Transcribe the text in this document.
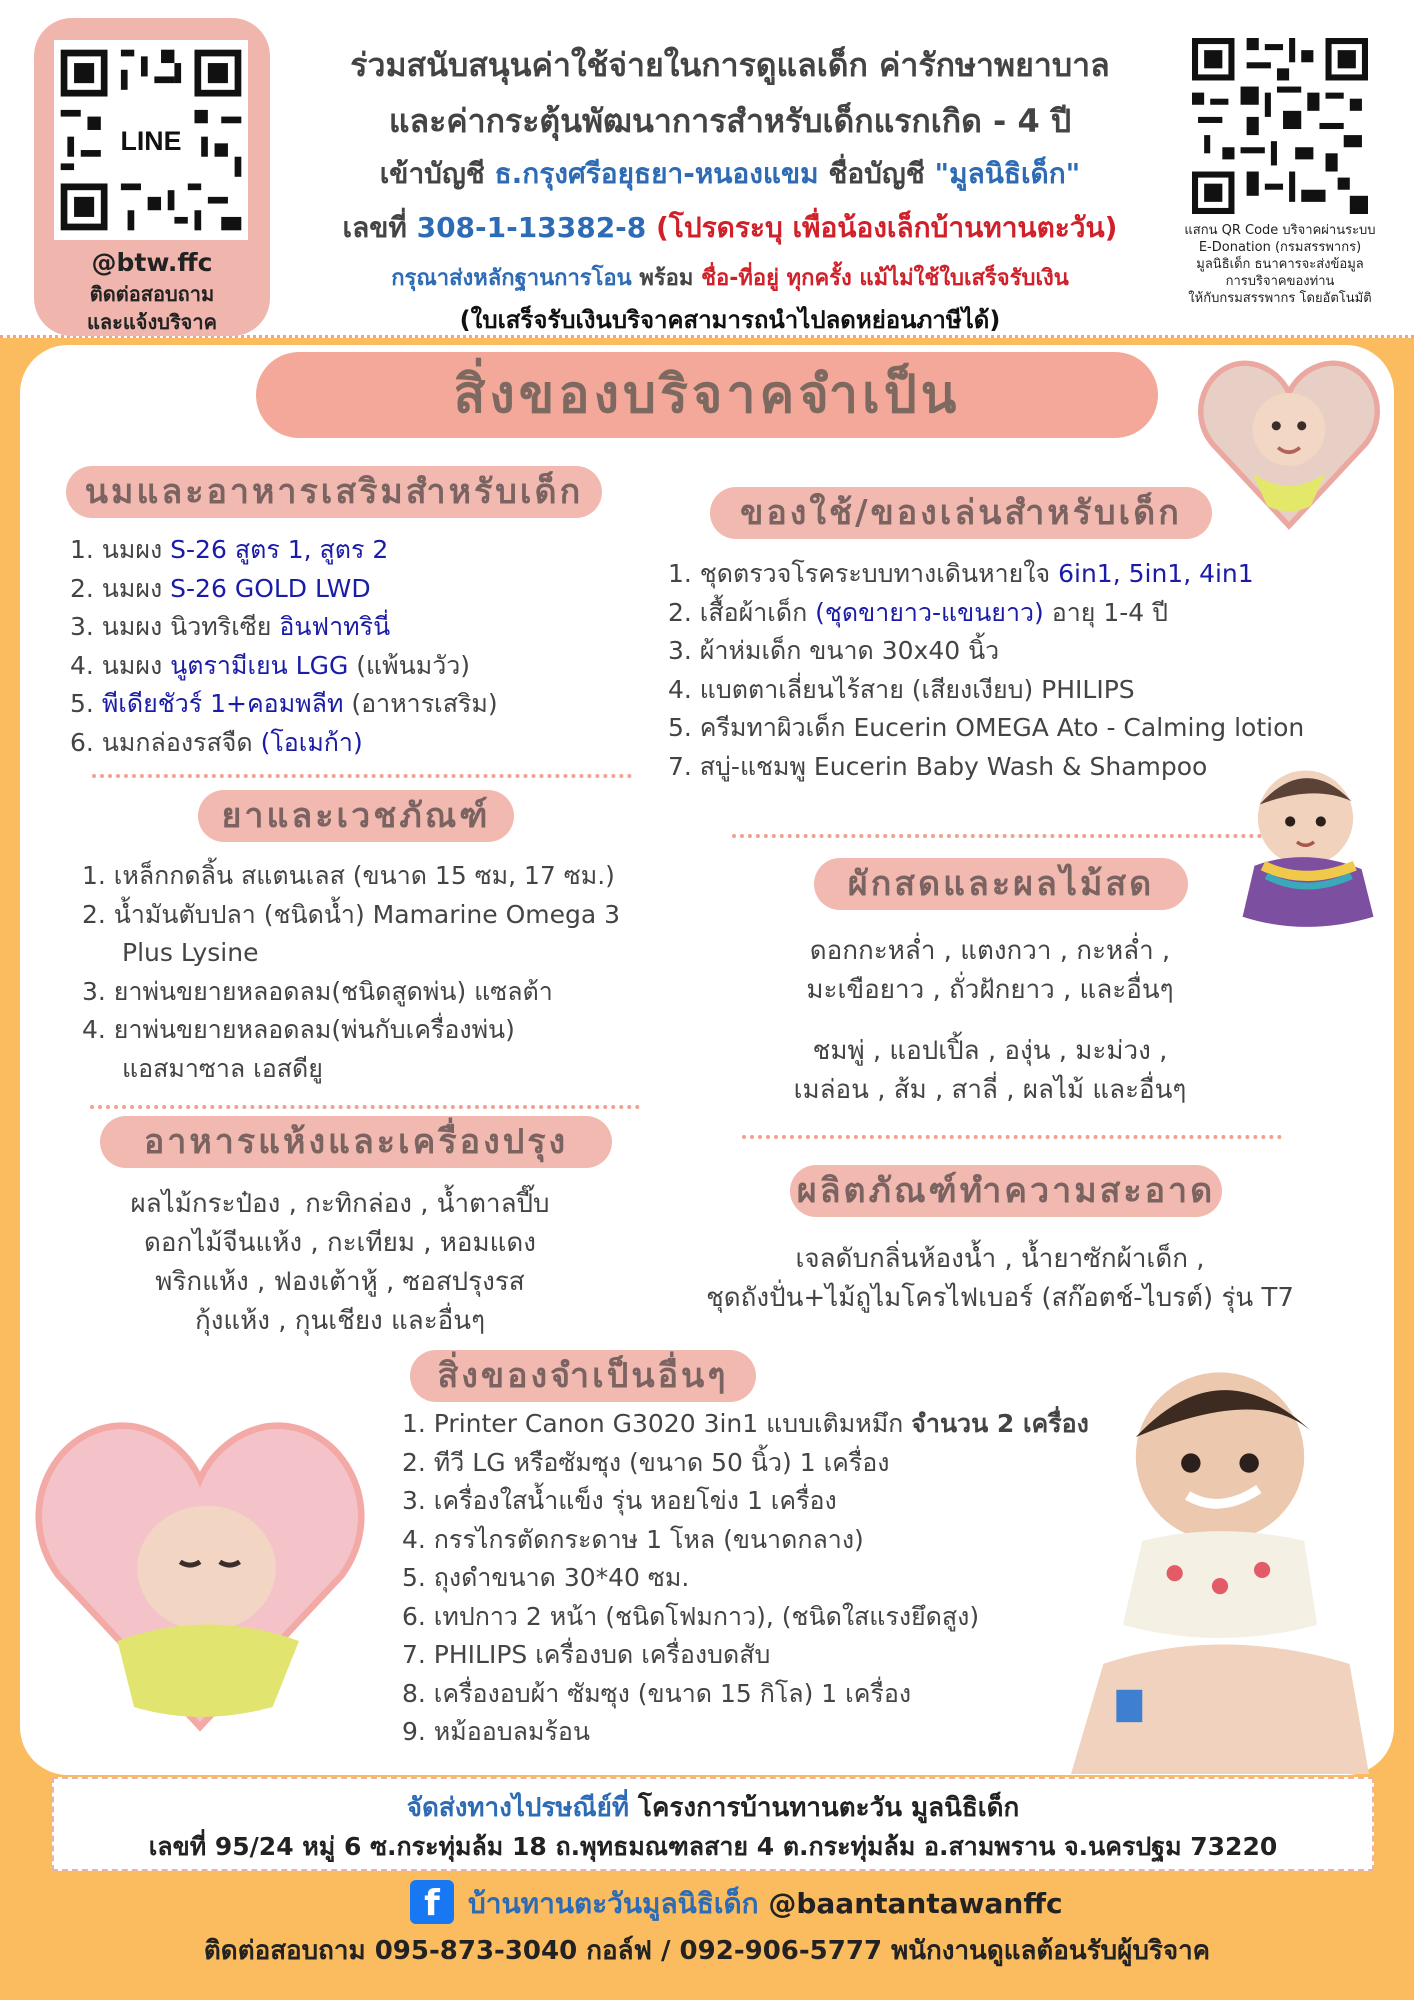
LINE
@btw.ffc
ติดต่อสอบถาม
และแจ้งบริจาค
ร่วมสนับสนุนค่าใช้จ่ายในการดูแลเด็ก ค่ารักษาพยาบาล
และค่ากระตุ้นพัฒนาการสำหรับเด็กแรกเกิด - 4 ปี
เข้าบัญชี ธ.กรุงศรีอยุธยา-หนองแขม ชื่อบัญชี "มูลนิธิเด็ก"
เลขที่ 308-1-13382-8 (โปรดระบุ เพื่อน้องเล็กบ้านทานตะวัน)
กรุณาส่งหลักฐานการโอน พร้อม ชื่อ-ที่อยู่ ทุกครั้ง แม้ไม่ใช้ใบเสร็จรับเงิน
(ใบเสร็จรับเงินบริจาคสามารถนำไปลดหย่อนภาษีได้)
แสกน QR Code บริจาคผ่านระบบ
E-Donation (กรมสรรพากร)
มูลนิธิเด็ก ธนาคารจะส่งข้อมูล
การบริจาคของท่าน
ให้กับกรมสรรพากร โดยอัตโนมัติ
สิ่งของบริจาคจำเป็น
นมและอาหารเสริมสำหรับเด็ก
1. นมผง S-26 สูตร 1, สูตร 2
2. นมผง S-26 GOLD LWD
3. นมผง นิวทริเซีย อินฟาทรินี่
4. นมผง นูตรามีเยน LGG (แพ้นมวัว)
5. พีเดียชัวร์ 1+คอมพลีท (อาหารเสริม)
6. นมกล่องรสจืด (โอเมก้า)
ยาและเวชภัณฑ์
1. เหล็กกดลิ้น สแตนเลส (ขนาด 15 ซม, 17 ซม.)
2. น้ำมันตับปลา (ชนิดน้ำ) Mamarine Omega 3
Plus Lysine
3. ยาพ่นขยายหลอดลม(ชนิดสูดพ่น) แซลต้า
4. ยาพ่นขยายหลอดลม(พ่นกับเครื่องพ่น)
แอสมาซาล เอสดียู
อาหารแห้งและเครื่องปรุง
ผลไม้กระป๋อง , กะทิกล่อง , น้ำตาลปี๊บ
ดอกไม้จีนแห้ง , กะเทียม , หอมแดง
พริกแห้ง , ฟองเต้าหู้ , ซอสปรุงรส
กุ้งแห้ง , กุนเชียง และอื่นๆ
ของใช้/ของเล่นสำหรับเด็ก
1. ชุดตรวจโรคระบบทางเดินหายใจ 6in1, 5in1, 4in1
2. เสื้อผ้าเด็ก (ชุดขายาว-แขนยาว) อายุ 1-4 ปี
3. ผ้าห่มเด็ก ขนาด 30x40 นิ้ว
4. แบตตาเลี่ยนไร้สาย (เสียงเงียบ) PHILIPS
5. ครีมทาผิวเด็ก Eucerin OMEGA Ato - Calming lotion
7. สบู่-แชมพู Eucerin Baby Wash & Shampoo
ผักสดและผลไม้สด
ดอกกะหล่ำ , แตงกวา , กะหล่ำ ,
มะเขือยาว , ถั่วฝักยาว , และอื่นๆ
ชมพู่ , แอปเปิ้ล , องุ่น , มะม่วง ,
เมล่อน , ส้ม , สาลี่ , ผลไม้ และอื่นๆ
ผลิตภัณฑ์ทำความสะอาด
เจลดับกลิ่นห้องน้ำ , น้ำยาซักผ้าเด็ก ,
ชุดถังปั่น+ไม้ถูไมโครไฟเบอร์ (สก๊อตช์-ไบรต์) รุ่น T7
สิ่งของจำเป็นอื่นๆ
1. Printer Canon G3020 3in1 แบบเติมหมึก จำนวน 2 เครื่อง
2. ทีวี LG หรือซัมซุง (ขนาด 50 นิ้ว) 1 เครื่อง
3. เครื่องใสน้ำแข็ง รุ่น หอยโข่ง 1 เครื่อง
4. กรรไกรตัดกระดาษ 1 โหล (ขนาดกลาง)
5. ถุงดำขนาด 30*40 ซม.
6. เทปกาว 2 หน้า (ชนิดโฟมกาว), (ชนิดใสแรงยึดสูง)
7. PHILIPS เครื่องบด เครื่องบดสับ
8. เครื่องอบผ้า ซัมซุง (ขนาด 15 กิโล) 1 เครื่อง
9. หม้ออบลมร้อน
จัดส่งทางไปรษณีย์ที่ โครงการบ้านทานตะวัน มูลนิธิเด็ก
เลขที่ 95/24 หมู่ 6 ซ.กระทุ่มล้ม 18 ถ.พุทธมณฑลสาย 4 ต.กระทุ่มล้ม อ.สามพราน จ.นครปฐม 73220
f	บ้านทานตะวันมูลนิธิเด็ก @baantantawanffc
ติดต่อสอบถาม 095-873-3040 กอล์ฟ / 092-906-5777 พนักงานดูแลต้อนรับผู้บริจาค
